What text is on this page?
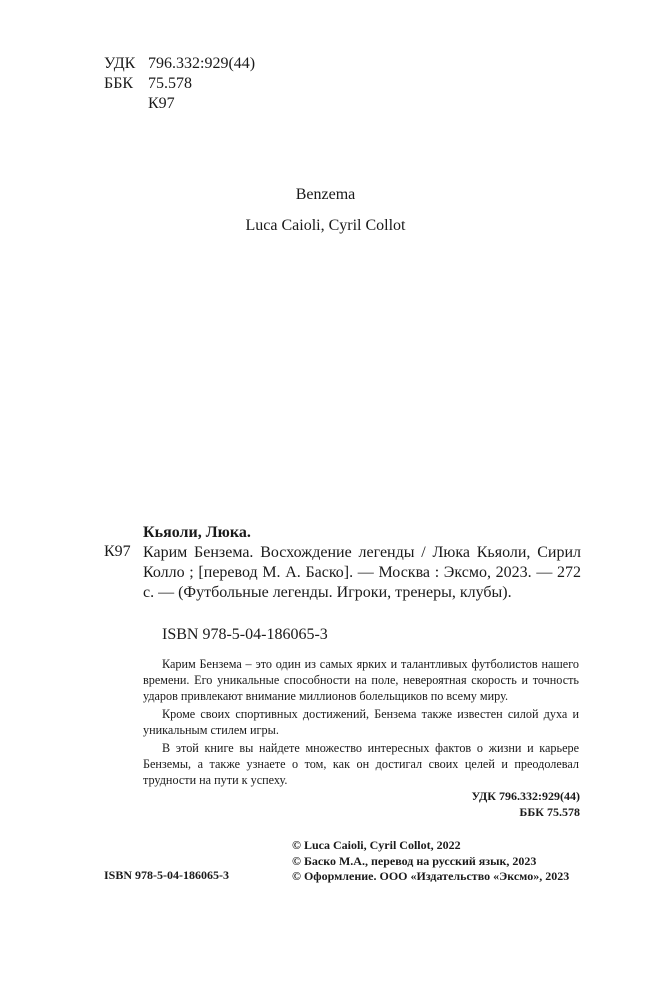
УДК 796.332:929(44)
ББК 75.578
К97
Benzema
Luca Caioli, Cyril Collot
Кьяоли, Люка.
К97 Карим Бензема. Восхождение легенды / Люка Кьяоли, Сирил Колло ; [перевод М. А. Баско]. — Москва : Эксмо, 2023. — 272 с. — (Футбольные легенды. Игроки, тренеры, клубы).
ISBN 978-5-04-186065-3

Карим Бензема – это один из самых ярких и талантливых футболистов нашего времени. Его уникальные способности на поле, невероятная скорость и точность ударов привлекают внимание миллионов болельщиков по всему миру.

Кроме своих спортивных достижений, Бензема также известен силой духа и уникальным стилем игры.

В этой книге вы найдете множество интересных фактов о жизни и карьере Бенземы, а также узнаете о том, как он достигал своих целей и преодолевал трудности на пути к успеху.

УДК 796.332:929(44)
ББК 75.578
ISBN 978-5-04-186065-3
© Luca Caioli, Cyril Collot, 2022
© Баско М.А., перевод на русский язык, 2023
© Оформление. ООО «Издательство «Эксмо», 2023
